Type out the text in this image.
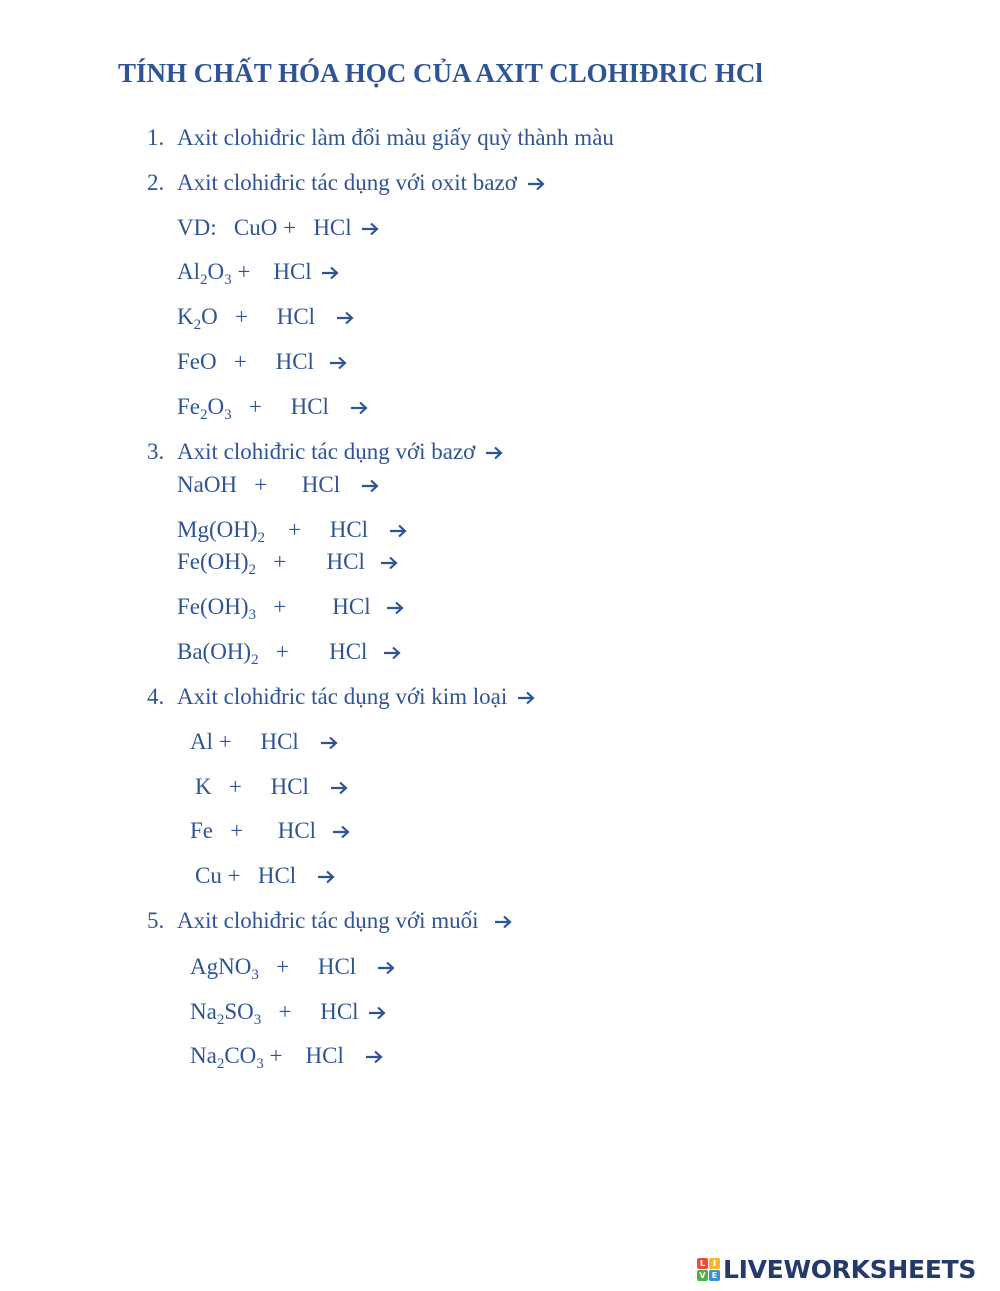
TÍNH CHẤT HÓA HỌC CỦA AXIT CLOHIĐRIC HCl
1. Axit clohiđric làm đổi màu giấy quỳ thành màu
2. Axit clohiđric tác dụng với oxit bazơ
VD:   CuO + HCl
$Al_2O_3$ + HCl
$K_2O$   + HCl
FeO   + HCl
$Fe_2O_3$ + HCl
3. Axit clohiđric tác dụng với bazơ
NaOH   + HCl
$Mg(OH)_2$ + HCl
$Fe(OH)_2$ + HCl
$Fe(OH)_3$ + HCl
$Ba(OH)_2$ + HCl
4. Axit clohiđric tác dụng với kim loại
Al + HCl
K   + HCl
Fe   + HCl
Cu + HCl
5. Axit clohiđric tác dụng với muối
AgNO$_3$ + HCl
$Na_2SO_3$ + HCl
$Na_2CO_3$ + HCl
L I
V E LIVEWORKSHEETS
